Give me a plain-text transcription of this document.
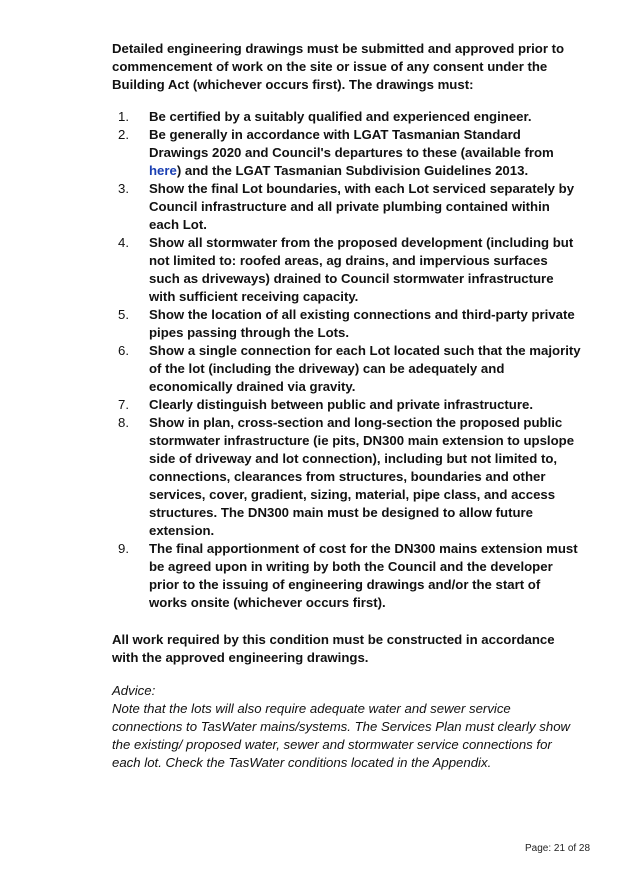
Detailed engineering drawings must be submitted and approved prior to commencement of work on the site or issue of any consent under the Building Act (whichever occurs first). The drawings must:
1. Be certified by a suitably qualified and experienced engineer.
2. Be generally in accordance with LGAT Tasmanian Standard Drawings 2020 and Council's departures to these (available from here) and the LGAT Tasmanian Subdivision Guidelines 2013.
3. Show the final Lot boundaries, with each Lot serviced separately by Council infrastructure and all private plumbing contained within each Lot.
4. Show all stormwater from the proposed development (including but not limited to: roofed areas, ag drains, and impervious surfaces such as driveways) drained to Council stormwater infrastructure with sufficient receiving capacity.
5. Show the location of all existing connections and third-party private pipes passing through the Lots.
6. Show a single connection for each Lot located such that the majority of the lot (including the driveway) can be adequately and economically drained via gravity.
7. Clearly distinguish between public and private infrastructure.
8. Show in plan, cross-section and long-section the proposed public stormwater infrastructure (ie pits, DN300 main extension to upslope side of driveway and lot connection), including but not limited to, connections, clearances from structures, boundaries and other services, cover, gradient, sizing, material, pipe class, and access structures. The DN300 main must be designed to allow future extension.
9. The final apportionment of cost for the DN300 mains extension must be agreed upon in writing by both the Council and the developer prior to the issuing of engineering drawings and/or the start of works onsite (whichever occurs first).
All work required by this condition must be constructed in accordance with the approved engineering drawings.
Advice:
Note that the lots will also require adequate water and sewer service connections to TasWater mains/systems. The Services Plan must clearly show the existing/ proposed water, sewer and stormwater service connections for each lot. Check the TasWater conditions located in the Appendix.
Page: 21 of 28
